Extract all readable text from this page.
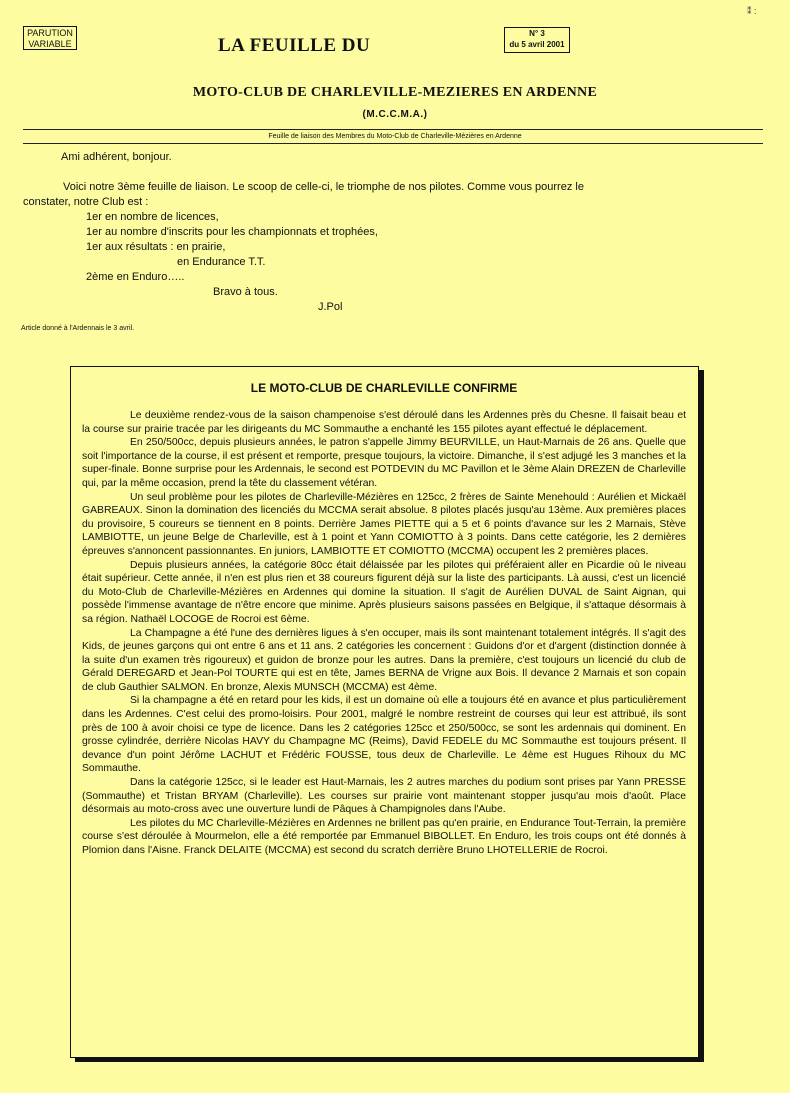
PARUTION VARIABLE	LA FEUILLE DU
N° 3
du 5 avril 2001
⁑ :
MOTO-CLUB DE CHARLEVILLE-MEZIERES EN ARDENNE
(M.C.C.M.A.)
Feuille de liaison des Membres du Moto-Club de Charleville-Mézières en Ardenne
Ami adhérent, bonjour.
Voici notre 3ème feuille de liaison. Le scoop de celle-ci, le triomphe de nos pilotes. Comme vous pourrez le
constater, notre Club est :
1er en nombre de licences,
1er au nombre d'inscrits pour les championnats et trophées,
1er aux résultats : en prairie,
en Endurance T.T.
2ème en Enduro…..
Bravo à tous.
J.Pol
Article donné à l'Ardennais le 3 avril.
LE MOTO-CLUB DE CHARLEVILLE CONFIRME

Le deuxième rendez-vous de la saison champenoise s'est déroulé dans les Ardennes près du Chesne. Il faisait beau et la course sur prairie tracée par les dirigeants du MC Sommauthe a enchanté les 155 pilotes ayant effectué le déplacement.

En 250/500cc, depuis plusieurs années, le patron s'appelle Jimmy BEURVILLE, un Haut-Marnais de 26 ans. Quelle que soit l'importance de la course, il est présent et remporte, presque toujours, la victoire. Dimanche, il s'est adjugé les 3 manches et la super-finale. Bonne surprise pour les Ardennais, le second est POTDEVIN du MC Pavillon et le 3ème Alain DREZEN de Charleville qui, par la même occasion, prend la tête du classement vétéran.

Un seul problème pour les pilotes de Charleville-Mézières en 125cc, 2 frères de Sainte Menehould : Aurélien et Mickaël GABREAUX. Sinon la domination des licenciés du MCCMA serait absolue. 8 pilotes placés jusqu'au 13ème. Aux premières places du provisoire, 5 coureurs se tiennent en 8 points. Derrière James PIETTE qui a 5 et 6 points d'avance sur les 2 Marnais, Stève LAMBIOTTE, un jeune Belge de Charleville, est à 1 point et Yann COMIOTTO à 3 points. Dans cette catégorie, les 2 dernières épreuves s'annoncent passionnantes. En juniors, LAMBIOTTE ET COMIOTTO (MCCMA) occupent les 2 premières places.

Depuis plusieurs années, la catégorie 80cc était délaissée par les pilotes qui préféraient aller en Picardie où le niveau était supérieur. Cette année, il n'en est plus rien et 38 coureurs figurent déjà sur la liste des participants. Là aussi, c'est un licencié du Moto-Club de Charleville-Mézières en Ardennes qui domine la situation. Il s'agit de Aurélien DUVAL de Saint Aignan, qui possède l'immense avantage de n'être encore que minime. Après plusieurs saisons passées en Belgique, il s'attaque désormais à sa région. Nathaël LOCOGE de Rocroi est 6ème.

La Champagne a été l'une des dernières ligues à s'en occuper, mais ils sont maintenant totalement intégrés. Il s'agit des Kids, de jeunes garçons qui ont entre 6 ans et 11 ans. 2 catégories les concernent : Guidons d'or et d'argent (distinction donnée à la suite d'un examen très rigoureux) et guidon de bronze pour les autres. Dans la première, c'est toujours un licencié du club de Gérald DEREGARD et Jean-Pol TOURTE qui est en tête, James BERNA de Vrigne aux Bois. Il devance 2 Marnais et son copain de club Gauthier SALMON. En bronze, Alexis MUNSCH (MCCMA) est 4ème.

Si la champagne a été en retard pour les kids, il est un domaine où elle a toujours été en avance et plus particulièrement dans les Ardennes. C'est celui des promo-loisirs. Pour 2001, malgré le nombre restreint de courses qui leur est attribué, ils sont près de 100 à avoir choisi ce type de licence. Dans les 2 catégories 125cc et 250/500cc, se sont les ardennais qui dominent. En grosse cylindrée, derrière Nicolas HAVY du Champagne MC (Reims), David FEDELE du MC Sommauthe est toujours présent. Il devance d'un point Jérôme LACHUT et Frédéric FOUSSE, tous deux de Charleville. Le 4ème est Hugues Rihoux du MC Sommauthe.

Dans la catégorie 125cc, si le leader est Haut-Marnais, les 2 autres marches du podium sont prises par Yann PRESSE (Sommauthe) et Tristan BRYAM (Charleville). Les courses sur prairie vont maintenant stopper jusqu'au mois d'août. Place désormais au moto-cross avec une ouverture lundi de Pâques à Champignoles dans l'Aube.

Les pilotes du MC Charleville-Mézières en Ardennes ne brillent pas qu'en prairie, en Endurance Tout-Terrain, la première course s'est déroulée à Mourmelon, elle a été remportée par Emmanuel BIBOLLET. En Enduro, les trois coups ont été donnés à Plomion dans l'Aisne. Franck DELAITE (MCCMA) est second du scratch derrière Bruno LHOTELLERIE de Rocroi.
